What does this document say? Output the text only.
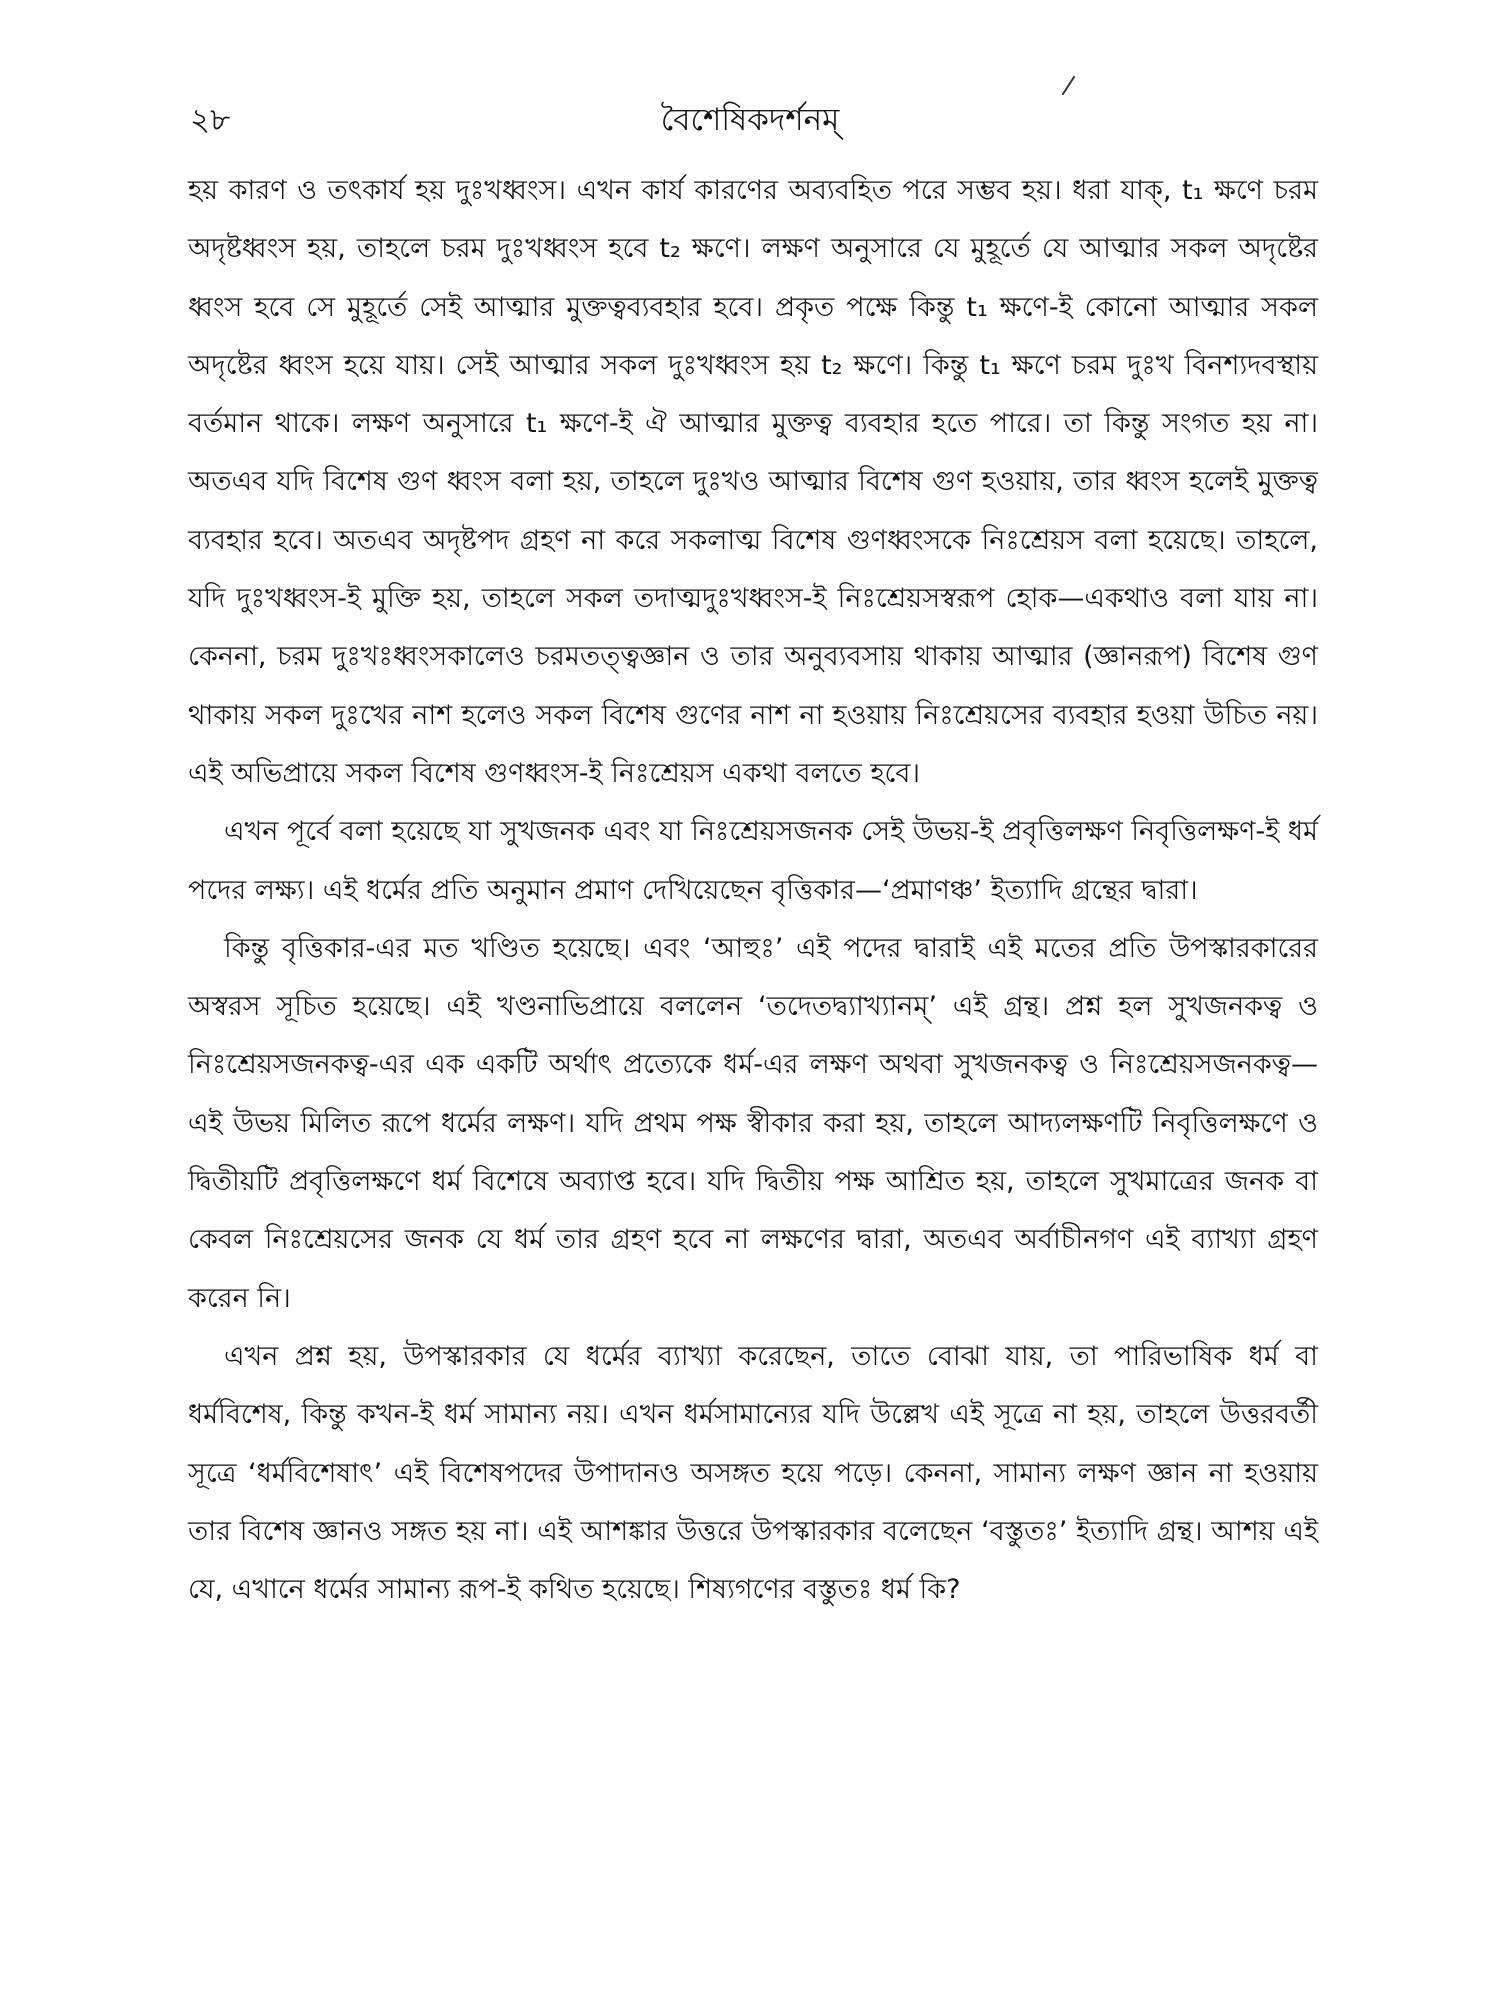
২৮	বৈশেষিকদর্শনম্

হয় কারণ ও তৎকার্য হয় দুঃখধ্বংস। এখন কার্য কারণের অব্যবহিত পরে সম্ভব হয়। ধরা যাক্, t₁ ক্ষণে চরম অদৃষ্টধ্বংস হয়, তাহলে চরম দুঃখধ্বংস হবে t₂ ক্ষণে। লক্ষণ অনুসারে যে মুহূর্তে যে আত্মার সকল অদৃষ্টের ধ্বংস হবে সে মুহূর্তে সেই আত্মার মুক্তত্বব্যবহার হবে। প্রকৃত পক্ষে কিন্তু t₁ ক্ষণে-ই কোনো আত্মার সকল অদৃষ্টের ধ্বংস হয়ে যায়। সেই আত্মার সকল দুঃখধ্বংস হয় t₂ ক্ষণে। কিন্তু t₁ ক্ষণে চরম দুঃখ বিনশ্যদবস্থায় বর্তমান থাকে। লক্ষণ অনুসারে t₁ ক্ষণে-ই ঐ আত্মার মুক্তত্ব ব্যবহার হতে পারে। তা কিন্তু সংগত হয় না। অতএব যদি বিশেষ গুণ ধ্বংস বলা হয়, তাহলে দুঃখও আত্মার বিশেষ গুণ হওয়ায়, তার ধ্বংস হলেই মুক্তত্ব ব্যবহার হবে। অতএব অদৃষ্টপদ গ্রহণ না করে সকলাত্ম বিশেষ গুণধ্বংসকে নিঃশ্রেয়স বলা হয়েছে। তাহলে, যদি দুঃখধ্বংস-ই মুক্তি হয়, তাহলে সকল তদাত্মদুঃখধ্বংস-ই নিঃশ্রেয়সস্বরূপ হোক—একথাও বলা যায় না। কেননা, চরম দুঃখঃধ্বংসকালেও চরমতত্ত্বজ্ঞান ও তার অনুব্যবসায় থাকায় আত্মার (জ্ঞানরূপ) বিশেষ গুণ থাকায় সকল দুঃখের নাশ হলেও সকল বিশেষ গুণের নাশ না হওয়ায় নিঃশ্রেয়সের ব্যবহার হওয়া উচিত নয়। এই অভিপ্রায়ে সকল বিশেষ গুণধ্বংস-ই নিঃশ্রেয়স একথা বলতে হবে।

এখন পূর্বে বলা হয়েছে যা সুখজনক এবং যা নিঃশ্রেয়সজনক সেই উভয়-ই প্রবৃত্তিলক্ষণ নিবৃত্তিলক্ষণ-ই ধর্ম পদের লক্ষ্য। এই ধর্মের প্রতি অনুমান প্রমাণ দেখিয়েছেন বৃত্তিকার—‘প্রমাণঞ্চ’ ইত্যাদি গ্রন্থের দ্বারা।

কিন্তু বৃত্তিকার-এর মত খণ্ডিত হয়েছে। এবং ‘আহুঃ’ এই পদের দ্বারাই এই মতের প্রতি উপস্কারকারের অস্বরস সূচিত হয়েছে। এই খণ্ডনাভিপ্রায়ে বললেন ‘তদেতদ্ব্যাখ্যানম্’ এই গ্রন্থ। প্রশ্ন হল সুখজনকত্ব ও নিঃশ্রেয়সজনকত্ব-এর এক একটি অর্থাৎ প্রত্যেকে ধর্ম-এর লক্ষণ অথবা সুখজনকত্ব ও নিঃশ্রেয়সজনকত্ব—এই উভয় মিলিত রূপে ধর্মের লক্ষণ। যদি প্রথম পক্ষ স্বীকার করা হয়, তাহলে আদ্যলক্ষণটি নিবৃত্তিলক্ষণে ও দ্বিতীয়টি প্রবৃত্তিলক্ষণে ধর্ম বিশেষে অব্যাপ্ত হবে। যদি দ্বিতীয় পক্ষ আশ্রিত হয়, তাহলে সুখমাত্রের জনক বা কেবল নিঃশ্রেয়সের জনক যে ধর্ম তার গ্রহণ হবে না লক্ষণের দ্বারা, অতএব অর্বাচীনগণ এই ব্যাখ্যা গ্রহণ করেন নি।

এখন প্রশ্ন হয়, উপস্কারকার যে ধর্মের ব্যাখ্যা করেছেন, তাতে বোঝা যায়, তা পারিভাষিক ধর্ম বা ধর্মবিশেষ, কিন্তু কখন-ই ধর্ম সামান্য নয়। এখন ধর্মসামান্যের যদি উল্লেখ এই সূত্রে না হয়, তাহলে উত্তরবর্তী সূত্রে ‘ধর্মবিশেষাৎ’ এই বিশেষপদের উপাদানও অসঙ্গত হয়ে পড়ে। কেননা, সামান্য লক্ষণ জ্ঞান না হওয়ায় তার বিশেষ জ্ঞানও সঙ্গত হয় না। এই আশঙ্কার উত্তরে উপস্কারকার বলেছেন ‘বস্তুতঃ’ ইত্যাদি গ্রন্থ। আশয় এই যে, এখানে ধর্মের সামান্য রূপ-ই কথিত হয়েছে। শিষ্যগণের বস্তুতঃ ধর্ম কি?
